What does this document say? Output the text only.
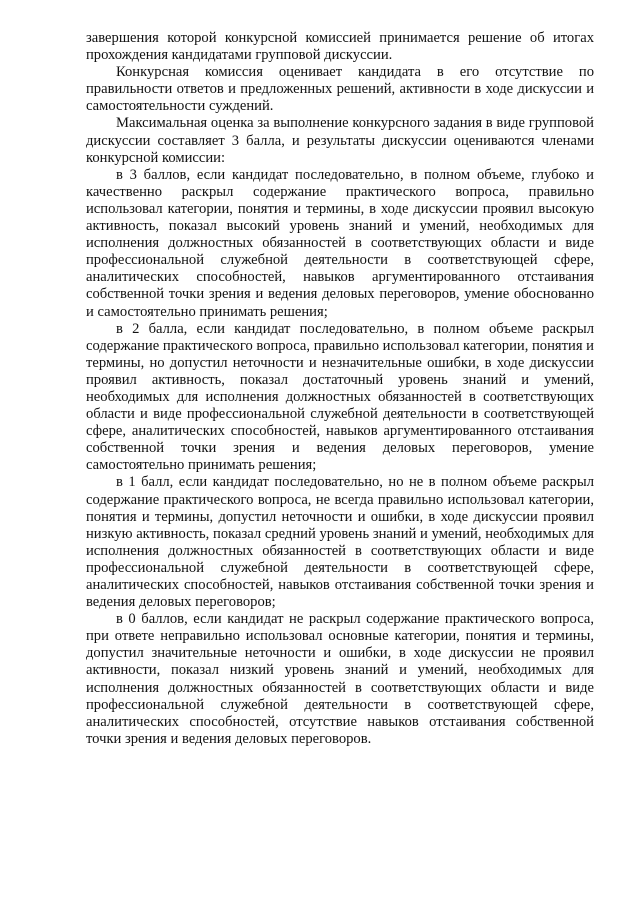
завершения которой конкурсной комиссией принимается решение об итогах прохождения кандидатами групповой дискуссии.

Конкурсная комиссия оценивает кандидата в его отсутствие по правильности ответов и предложенных решений, активности в ходе дискуссии и самостоятельности суждений.

Максимальная оценка за выполнение конкурсного задания в виде групповой дискуссии составляет 3 балла, и результаты дискуссии оцениваются членами конкурсной комиссии:

в 3 баллов, если кандидат последовательно, в полном объеме, глубоко и качественно раскрыл содержание практического вопроса, правильно использовал категории, понятия и термины, в ходе дискуссии проявил высокую активность, показал высокий уровень знаний и умений, необходимых для исполнения должностных обязанностей в соответствующих области и виде профессиональной служебной деятельности в соответствующей сфере, аналитических способностей, навыков аргументированного отстаивания собственной точки зрения и ведения деловых переговоров, умение обоснованно и самостоятельно принимать решения;

в 2 балла, если кандидат последовательно, в полном объеме раскрыл содержание практического вопроса, правильно использовал категории, понятия и термины, но допустил неточности и незначительные ошибки, в ходе дискуссии проявил активность, показал достаточный уровень знаний и умений, необходимых для исполнения должностных обязанностей в соответствующих области и виде профессиональной служебной деятельности в соответствующей сфере, аналитических способностей, навыков аргументированного отстаивания собственной точки зрения и ведения деловых переговоров, умение самостоятельно принимать решения;

в 1 балл, если кандидат последовательно, но не в полном объеме раскрыл содержание практического вопроса, не всегда правильно использовал категории, понятия и термины, допустил неточности и ошибки, в ходе дискуссии проявил низкую активность, показал средний уровень знаний и умений, необходимых для исполнения должностных обязанностей в соответствующих области и виде профессиональной служебной деятельности в соответствующей сфере, аналитических способностей, навыков отстаивания собственной точки зрения и ведения деловых переговоров;

в 0 баллов, если кандидат не раскрыл содержание практического вопроса, при ответе неправильно использовал основные категории, понятия и термины, допустил значительные неточности и ошибки, в ходе дискуссии не проявил активности, показал низкий уровень знаний и умений, необходимых для исполнения должностных обязанностей в соответствующих области и виде профессиональной служебной деятельности в соответствующей сфере, аналитических способностей, отсутствие навыков отстаивания собственной точки зрения и ведения деловых переговоров.
